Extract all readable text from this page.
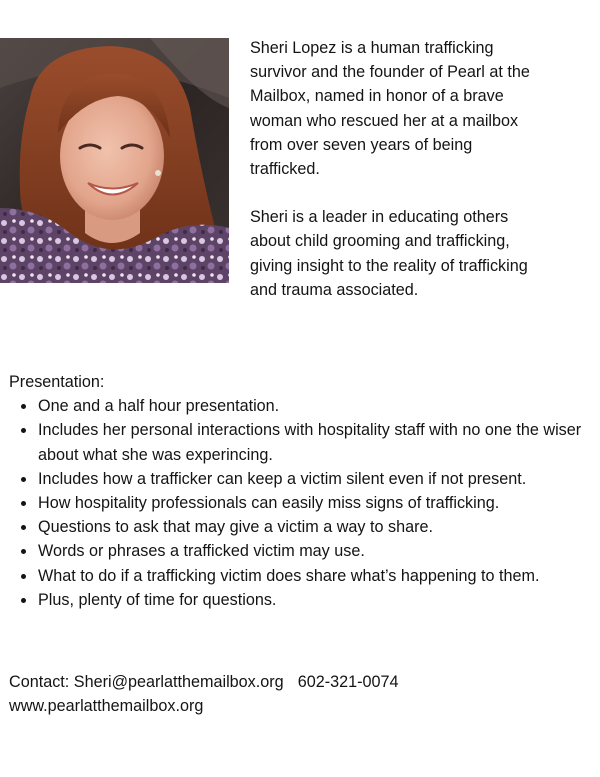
Sheri Lopez is a human trafficking
survivor and the founder of Pearl at the
Mailbox, named in honor of a brave
woman who rescued her at a mailbox
from over seven years of being
trafficked.

Sheri is a leader in educating others
about child grooming and trafficking,
giving insight to the reality of trafficking
and trauma associated.

Presentation:

One and a half hour presentation.
Includes her personal interactions with hospitality staff with no one the wiser about what she was experincing.
Includes how a trafficker can keep a victim silent even if not present.
How hospitality professionals can easily miss signs of trafficking.
Questions to ask that may give a victim a way to share.
Words or phrases a trafficked victim may use.
What to do if a trafficking victim does share what’s happening to them.
Plus, plenty of time for questions.
Contact: Sheri@pearlatthemailbox.org 602-321-0074
www.pearlatthemailbox.org
